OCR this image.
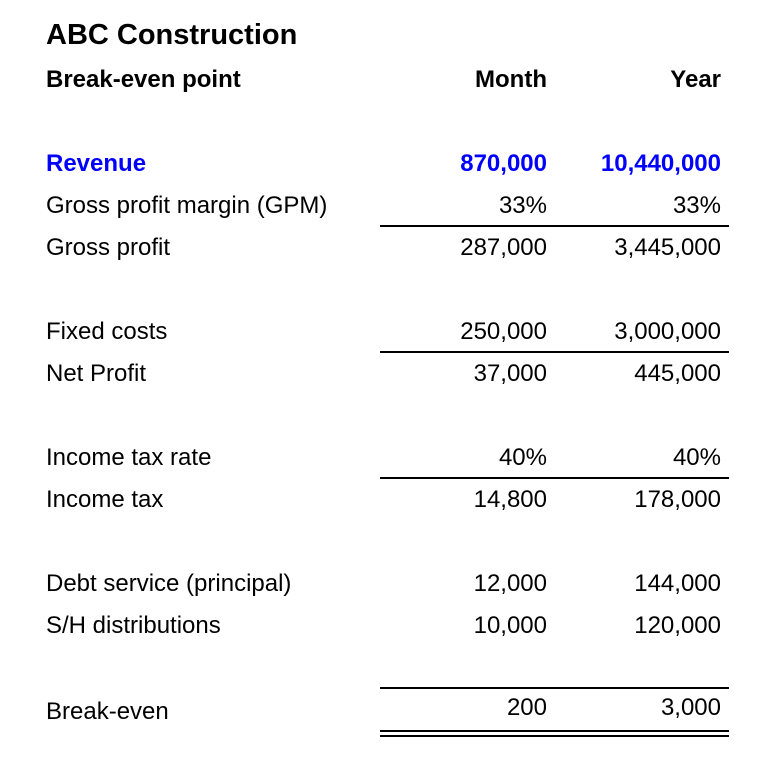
ABC Construction
Break-even point	Month	Year
Revenue	870,000	10,440,000
Gross profit margin (GPM)	33%	33%
Gross profit	287,000	3,445,000
Fixed costs	250,000	3,000,000
Net Profit	37,000	445,000
Income tax rate	40%	40%
Income tax	14,800	178,000
Debt service (principal)	12,000	144,000
S/H distributions	10,000	120,000
Break-even	200	3,000
